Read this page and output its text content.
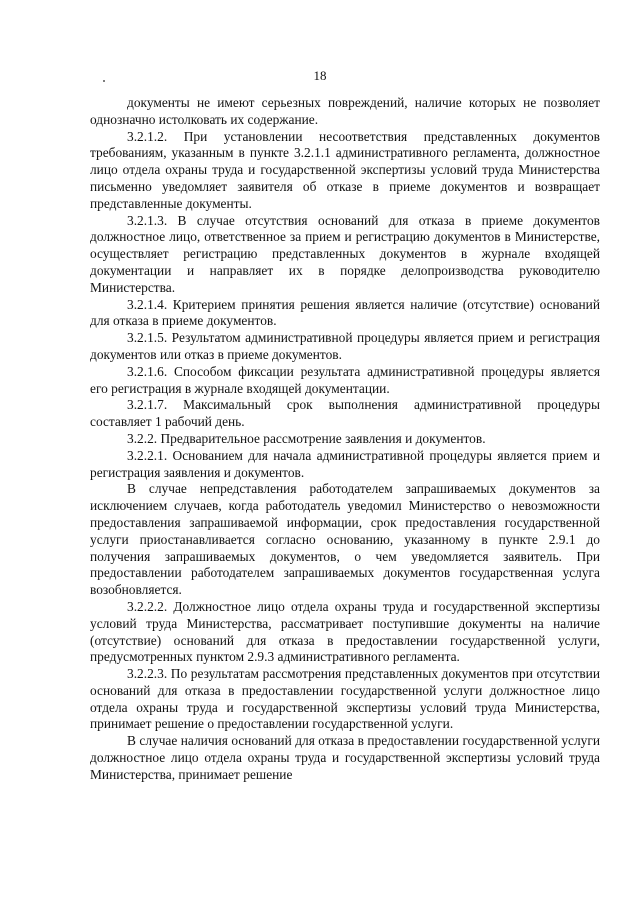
18

документы не имеют серьезных повреждений, наличие которых не позволяет однозначно истолковать их содержание.

3.2.1.2. При установлении несоответствия представленных документов требованиям, указанным в пункте 3.2.1.1 административного регламента, должностное лицо отдела охраны труда и государственной экспертизы условий труда Министерства письменно уведомляет заявителя об отказе в приеме документов и возвращает представленные документы.

3.2.1.3. В случае отсутствия оснований для отказа в приеме документов должностное лицо, ответственное за прием и регистрацию документов в Министерстве, осуществляет регистрацию представленных документов в журнале входящей документации и направляет их в порядке делопроизводства руководителю Министерства.

3.2.1.4. Критерием принятия решения является наличие (отсутствие) оснований для отказа в приеме документов.

3.2.1.5. Результатом административной процедуры является прием и регистрация документов или отказ в приеме документов.

3.2.1.6. Способом фиксации результата административной процедуры является его регистрация в журнале входящей документации.

3.2.1.7. Максимальный срок выполнения административной процедуры составляет 1 рабочий день.

3.2.2. Предварительное рассмотрение заявления и документов.

3.2.2.1. Основанием для начала административной процедуры является прием и регистрация заявления и документов.

В случае непредставления работодателем запрашиваемых документов за исключением случаев, когда работодатель уведомил Министерство о невозможности предоставления запрашиваемой информации, срок предоставления государственной услуги приостанавливается согласно основанию, указанному в пункте 2.9.1 до получения запрашиваемых документов, о чем уведомляется заявитель. При предоставлении работодателем запрашиваемых документов государственная услуга возобновляется.

3.2.2.2. Должностное лицо отдела охраны труда и государственной экспертизы условий труда Министерства, рассматривает поступившие документы на наличие (отсутствие) оснований для отказа в предоставлении государственной услуги, предусмотренных пунктом 2.9.3 административного регламента.

3.2.2.3. По результатам рассмотрения представленных документов при отсутствии оснований для отказа в предоставлении государственной услуги должностное лицо отдела охраны труда и государственной экспертизы условий труда Министерства, принимает решение о предоставлении государственной услуги.

В случае наличия оснований для отказа в предоставлении государственной услуги должностное лицо отдела охраны труда и государственной экспертизы условий труда Министерства, принимает решение
